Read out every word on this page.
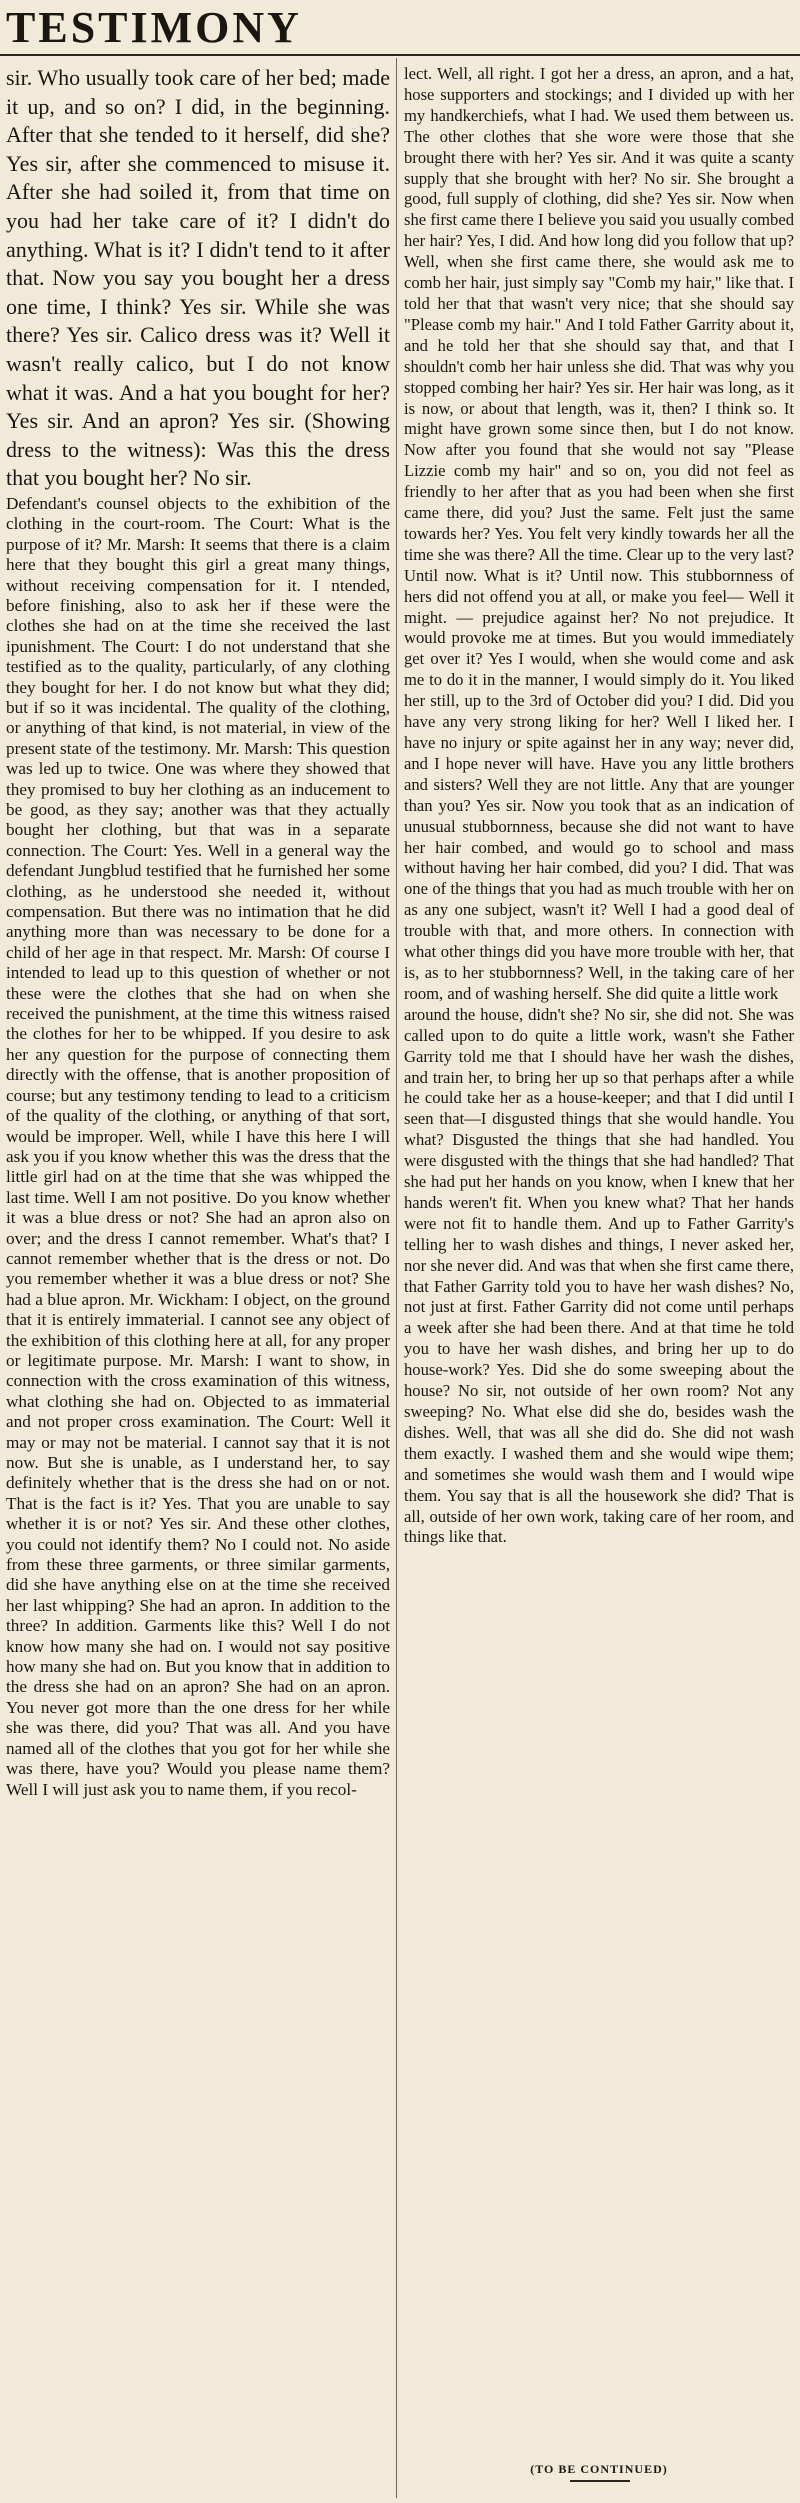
TESTIMONY

sir. Who usually took care of her bed; made it up, and so on? I did, in the beginning. After that she tended to it herself, did she? Yes sir, after she commenced to misuse it. After she had soiled it, from that time on you had her take care of it? I didn't do anything. What is it? I didn't tend to it after that. Now you say you bought her a dress one time, I think? Yes sir. While she was there? Yes sir. Calico dress was it? Well it wasn't really calico, but I do not know what it was. And a hat you bought for her? Yes sir. And an apron? Yes sir. (Showing dress to the witness): Was this the dress that you bought her? No sir.

Defendant's counsel objects to the exhibition of the clothing in the court-room. The Court: What is the purpose of it? Mr. Marsh: It seems that there is a claim here that they bought this girl a great many things, without receiving compensation for it. I ntended, before finishing, also to ask her if these were the clothes she had on at the time she received the last ipunishment. The Court: I do not understand that she testified as to the quality, particularly, of any clothing they bought for her. I do not know but what they did; but if so it was incidental. The quality of the clothing, or anything of that kind, is not material, in view of the present state of the testimony. Mr. Marsh: This question was led up to twice. One was where they showed that they promised to buy her clothing as an inducement to be good, as they say; another was that they actually bought her clothing, but that was in a separate connection. The Court: Yes. Well in a general way the defendant Jungblud testified that he furnished her some clothing, as he understood she needed it, without compensation. But there was no intimation that he did anything more than was necessary to be done for a child of her age in that respect. Mr. Marsh: Of course I intended to lead up to this question of whether or not these were the clothes that she had on when she received the punishment, at the time this witness raised the clothes for her to be whipped. If you desire to ask her any question for the purpose of connecting them directly with the offense, that is another proposition of course; but any testimony tending to lead to a criticism of the quality of the clothing, or anything of that sort, would be improper. Well, while I have this here I will ask you if you know whether this was the dress that the little girl had on at the time that she was whipped the last time. Well I am not positive. Do you know whether it was a blue dress or not? She had an apron also on over; and the dress I cannot remember. What's that? I cannot remember whether that is the dress or not. Do you remember whether it was a blue dress or not? She had a blue apron. Mr. Wickham: I object, on the ground that it is entirely immaterial. I cannot see any object of the exhibition of this clothing here at all, for any proper or legitimate purpose. Mr. Marsh: I want to show, in connection with the cross examination of this witness, what clothing she had on. Objected to as immaterial and not proper cross examination. The Court: Well it may or may not be material. I cannot say that it is not now. But she is unable, as I understand her, to say definitely whether that is the dress she had on or not. That is the fact is it? Yes. That you are unable to say whether it is or not? Yes sir. And these other clothes, you could not identify them? No I could not. No aside from these three garments, or three similar garments, did she have anything else on at the time she received her last whipping? She had an apron. In addition to the three? In addition. Garments like this? Well I do not know how many she had on. I would not say positive how many she had on. But you know that in addition to the dress she had on an apron? She had on an apron. You never got more than the one dress for her while she was there, did you? That was all. And you have named all of the clothes that you got for her while she was there, have you? Would you please name them? Well I will just ask you to name them, if you recol-

lect. Well, all right. I got her a dress, an apron, and a hat, hose supporters and stockings; and I divided up with her my handkerchiefs, what I had. We used them between us. The other clothes that she wore were those that she brought there with her? Yes sir. And it was quite a scanty supply that she brought with her? No sir. She brought a good, full supply of clothing, did she? Yes sir. Now when she first came there I believe you said you usually combed her hair? Yes, I did. And how long did you follow that up? Well, when she first came there, she would ask me to comb her hair, just simply say "Comb my hair," like that. I told her that that wasn't very nice; that she should say "Please comb my hair." And I told Father Garrity about it, and he told her that she should say that, and that I shouldn't comb her hair unless she did. That was why you stopped combing her hair? Yes sir. Her hair was long, as it is now, or about that length, was it, then? I think so. It might have grown some since then, but I do not know. Now after you found that she would not say "Please Lizzie comb my hair" and so on, you did not feel as friendly to her after that as you had been when she first came there, did you? Just the same. Felt just the same towards her? Yes. You felt very kindly towards her all the time she was there? All the time. Clear up to the very last? Until now. What is it? Until now. This stubbornness of hers did not offend you at all, or make you feel— Well it might. — prejudice against her? No not prejudice. It would provoke me at times. But you would immediately get over it? Yes I would, when she would come and ask me to do it in the manner, I would simply do it. You liked her still, up to the 3rd of October did you? I did. Did you have any very strong liking for her? Well I liked her. I have no injury or spite against her in any way; never did, and I hope never will have. Have you any little brothers and sisters? Well they are not little. Any that are younger than you? Yes sir. Now you took that as an indication of unusual stubbornness, because she did not want to have her hair combed, and would go to school and mass without having her hair combed, did you? I did. That was one of the things that you had as much trouble with her on as any one subject, wasn't it? Well I had a good deal of trouble with that, and more others. In connection with what other things did you have more trouble with her, that is, as to her stubbornness? Well, in the taking care of her room, and of washing herself. She did quite a little work

around the house, didn't she? No sir, she did not. She was called upon to do quite a little work, wasn't she Father Garrity told me that I should have her wash the dishes, and train her, to bring her up so that perhaps after a while he could take her as a house-keeper; and that I did until I seen that—I disgusted things that she would handle. You what? Disgusted the things that she had handled. You were disgusted with the things that she had handled? That she had put her hands on you know, when I knew that her hands weren't fit. When you knew what? That her hands were not fit to handle them. And up to Father Garrity's telling her to wash dishes and things, I never asked her, nor she never did. And was that when she first came there, that Father Garrity told you to have her wash dishes? No, not just at first. Father Garrity did not come until perhaps a week after she had been there. And at that time he told you to have her wash dishes, and bring her up to do house-work? Yes. Did she do some sweeping about the house? No sir, not outside of her own room? Not any sweeping? No. What else did she do, besides wash the dishes. Well, that was all she did do. She did not wash them exactly. I washed them and she would wipe them; and sometimes she would wash them and I would wipe them. You say that is all the housework she did? That is all, outside of her own work, taking care of her room, and things like that.

(TO BE CONTINUED)
